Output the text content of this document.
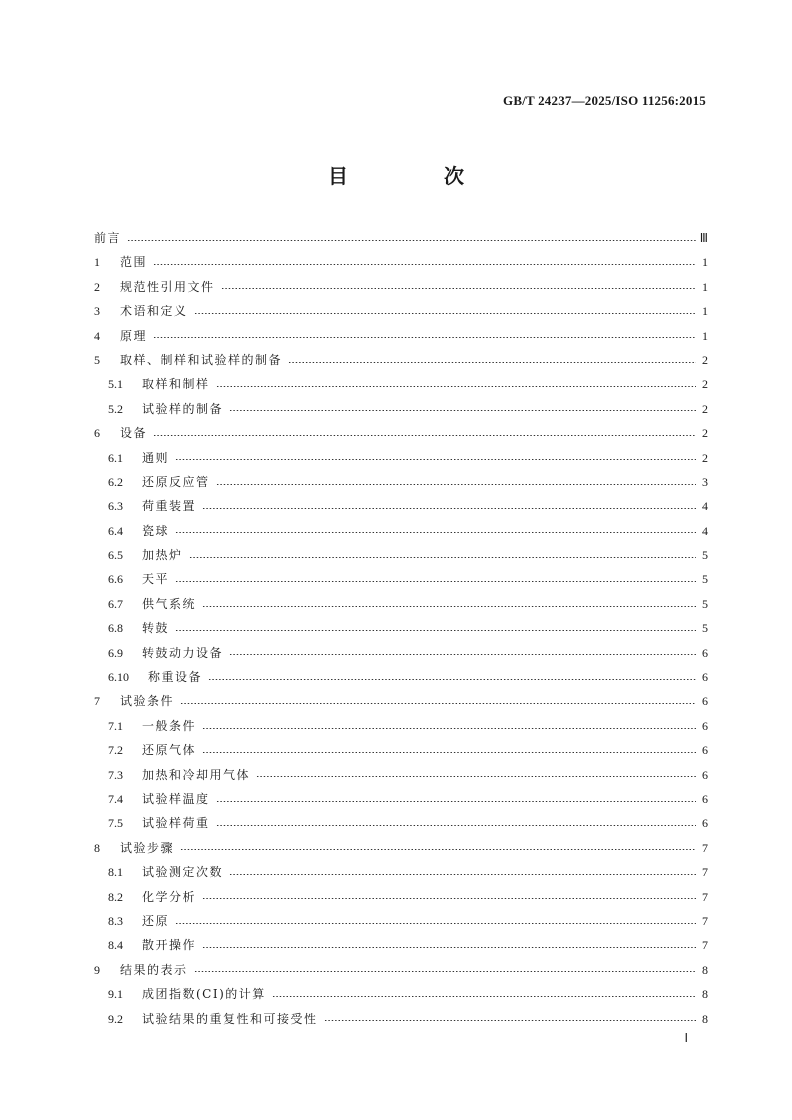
GB/T 24237—2025/ISO 11256:2015
目　次
前言	Ⅲ
1	范围	1
2	规范性引用文件	1
3	术语和定义	1
4	原理	1
5	取样、制样和试验样的制备	2
5.1	取样和制样	2
5.2	试验样的制备	2
6	设备	2
6.1	通则	2
6.2	还原反应管	3
6.3	荷重装置	4
6.4	瓷球	4
6.5	加热炉	5
6.6	天平	5
6.7	供气系统	5
6.8	转鼓	5
6.9	转鼓动力设备	6
6.10	称重设备	6
7	试验条件	6
7.1	一般条件	6
7.2	还原气体	6
7.3	加热和冷却用气体	6
7.4	试验样温度	6
7.5	试验样荷重	6
8	试验步骤	7
8.1	试验测定次数	7
8.2	化学分析	7
8.3	还原	7
8.4	散开操作	7
9	结果的表示	8
9.1	成团指数(CI)的计算	8
9.2	试验结果的重复性和可接受性	8
Ⅰ
